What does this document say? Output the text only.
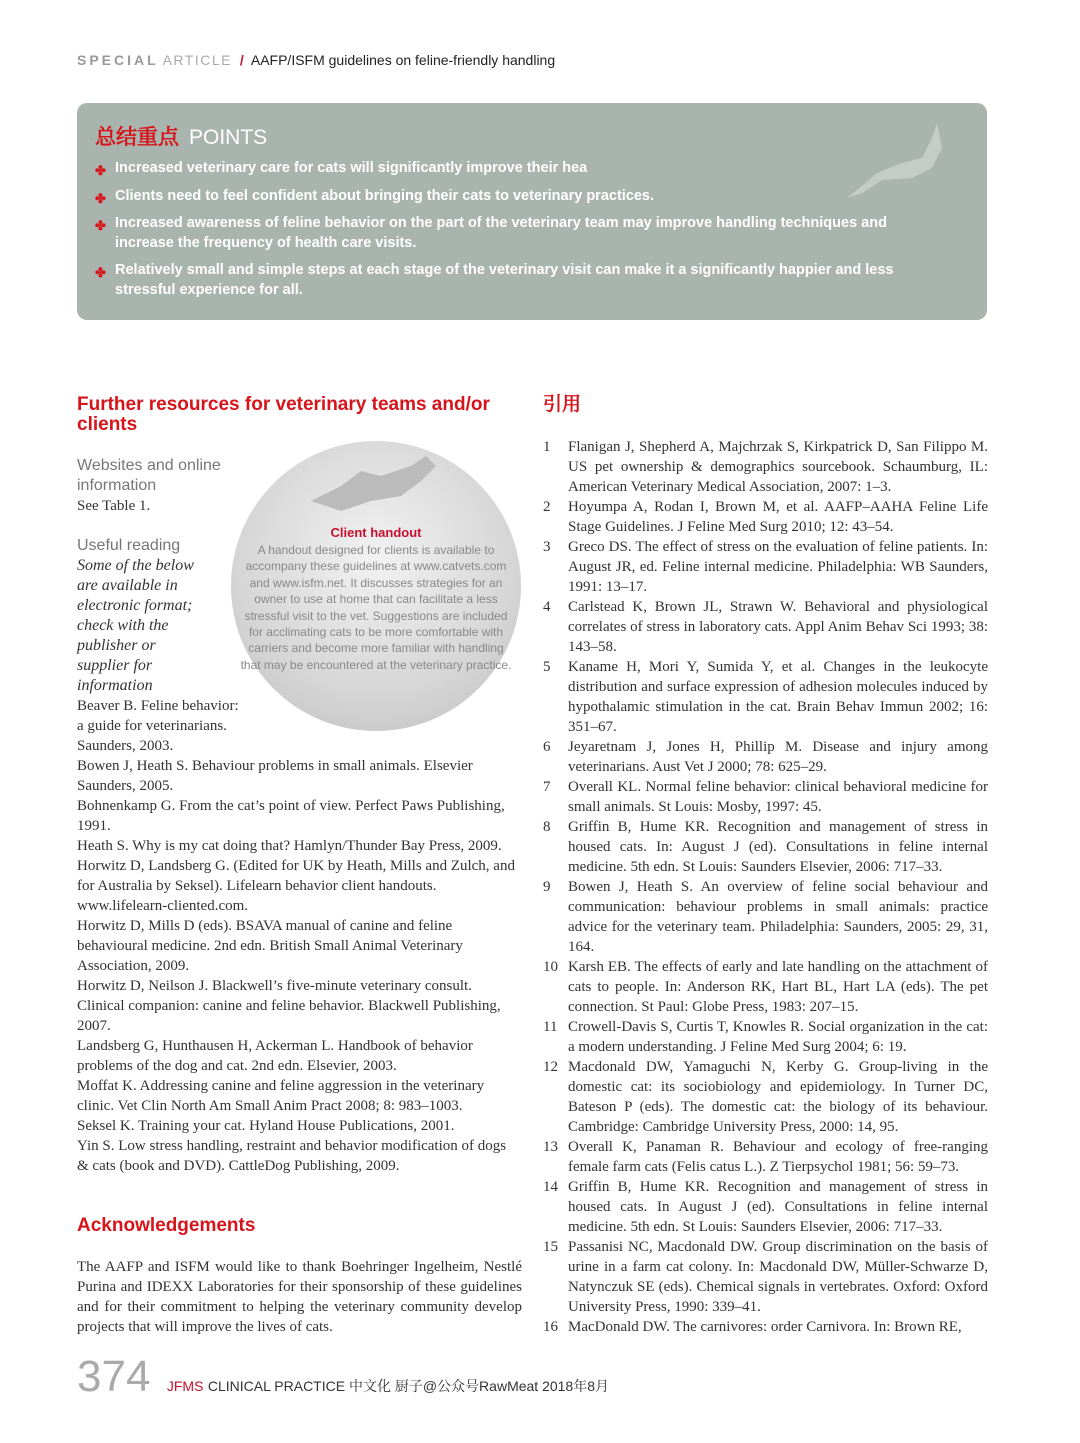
SPECIAL ARTICLE / AAFP/ISFM guidelines on feline-friendly handling
总结重点 POINTS
✤ Increased veterinary care for cats will significantly improve their hea
✤ Clients need to feel confident about bringing their cats to veterinary practices.
✤ Increased awareness of feline behavior on the part of the veterinary team may improve handling techniques and increase the frequency of health care visits.
✤ Relatively small and simple steps at each stage of the veterinary visit can make it a significantly happier and less stressful experience for all.
Further resources for veterinary teams and/or clients
Client handout
A handout designed for clients is available to accompany these guidelines at www.catvets.com and www.isfm.net. It discusses strategies for an owner to use at home that can facilitate a less stressful visit to the vet. Suggestions are included for acclimating cats to be more comfortable with carriers and become more familiar with handling that may be encountered at the veterinary practice.
Websites and online information
See Table 1.
Useful reading
Some of the below are available in electronic format; check with the publisher or supplier for information
Beaver B. Feline behavior: a guide for veterinarians. Saunders, 2003.
Bowen J, Heath S. Behaviour problems in small animals. Elsevier Saunders, 2005.
Bohnenkamp G. From the cat’s point of view. Perfect Paws Publishing, 1991.
Heath S. Why is my cat doing that? Hamlyn/Thunder Bay Press, 2009.
Horwitz D, Landsberg G. (Edited for UK by Heath, Mills and Zulch, and for Australia by Seksel). Lifelearn behavior client handouts. www.lifelearn-cliented.com.
Horwitz D, Mills D (eds). BSAVA manual of canine and feline behavioural medicine. 2nd edn. British Small Animal Veterinary Association, 2009.
Horwitz D, Neilson J. Blackwell’s five-minute veterinary consult. Clinical companion: canine and feline behavior. Blackwell Publishing, 2007.
Landsberg G, Hunthausen H, Ackerman L. Handbook of behavior problems of the dog and cat. 2nd edn. Elsevier, 2003.
Moffat K. Addressing canine and feline aggression in the veterinary clinic. Vet Clin North Am Small Anim Pract 2008; 8: 983–1003.
Seksel K. Training your cat. Hyland House Publications, 2001.
Yin S. Low stress handling, restraint and behavior modification of dogs & cats (book and DVD). CattleDog Publishing, 2009.
Acknowledgements
The AAFP and ISFM would like to thank Boehringer Ingelheim, Nestlé Purina and IDEXX Laboratories for their sponsorship of these guidelines and for their commitment to helping the veterinary community develop projects that will improve the lives of cats.
引用
1 Flanigan J, Shepherd A, Majchrzak S, Kirkpatrick D, San Filippo M. US pet ownership & demographics sourcebook. Schaumburg, IL: American Veterinary Medical Association, 2007: 1–3.
2 Hoyumpa A, Rodan I, Brown M, et al. AAFP–AAHA Feline Life Stage Guidelines. J Feline Med Surg 2010; 12: 43–54.
3 Greco DS. The effect of stress on the evaluation of feline patients. In: August JR, ed. Feline internal medicine. Philadelphia: WB Saunders, 1991: 13–17.
4 Carlstead K, Brown JL, Strawn W. Behavioral and physiological correlates of stress in laboratory cats. Appl Anim Behav Sci 1993; 38: 143–58.
5 Kaname H, Mori Y, Sumida Y, et al. Changes in the leukocyte distribution and surface expression of adhesion molecules induced by hypothalamic stimulation in the cat. Brain Behav Immun 2002; 16: 351–67.
6 Jeyaretnam J, Jones H, Phillip M. Disease and injury among veterinarians. Aust Vet J 2000; 78: 625–29.
7 Overall KL. Normal feline behavior: clinical behavioral medicine for small animals. St Louis: Mosby, 1997: 45.
8 Griffin B, Hume KR. Recognition and management of stress in housed cats. In: August J (ed). Consultations in feline internal medicine. 5th edn. St Louis: Saunders Elsevier, 2006: 717–33.
9 Bowen J, Heath S. An overview of feline social behaviour and communication: behaviour problems in small animals: practice advice for the veterinary team. Philadelphia: Saunders, 2005: 29, 31, 164.
10 Karsh EB. The effects of early and late handling on the attachment of cats to people. In: Anderson RK, Hart BL, Hart LA (eds). The pet connection. St Paul: Globe Press, 1983: 207–15.
11 Crowell-Davis S, Curtis T, Knowles R. Social organization in the cat: a modern understanding. J Feline Med Surg 2004; 6: 19.
12 Macdonald DW, Yamaguchi N, Kerby G. Group-living in the domestic cat: its sociobiology and epidemiology. In Turner DC, Bateson P (eds). The domestic cat: the biology of its behaviour. Cambridge: Cambridge University Press, 2000: 14, 95.
13 Overall K, Panaman R. Behaviour and ecology of free-ranging female farm cats (Felis catus L.). Z Tierpsychol 1981; 56: 59–73.
14 Griffin B, Hume KR. Recognition and management of stress in housed cats. In August J (ed). Consultations in feline internal medicine. 5th edn. St Louis: Saunders Elsevier, 2006: 717–33.
15 Passanisi NC, Macdonald DW. Group discrimination on the basis of urine in a farm cat colony. In: Macdonald DW, Müller-Schwarze D, Natynczuk SE (eds). Chemical signals in vertebrates. Oxford: Oxford University Press, 1990: 339–41.
16 MacDonald DW. The carnivores: order Carnivora. In: Brown RE,
374 JFMS CLINICAL PRACTICE 中文化 厨子@公众号RawMeat 2018年8月
